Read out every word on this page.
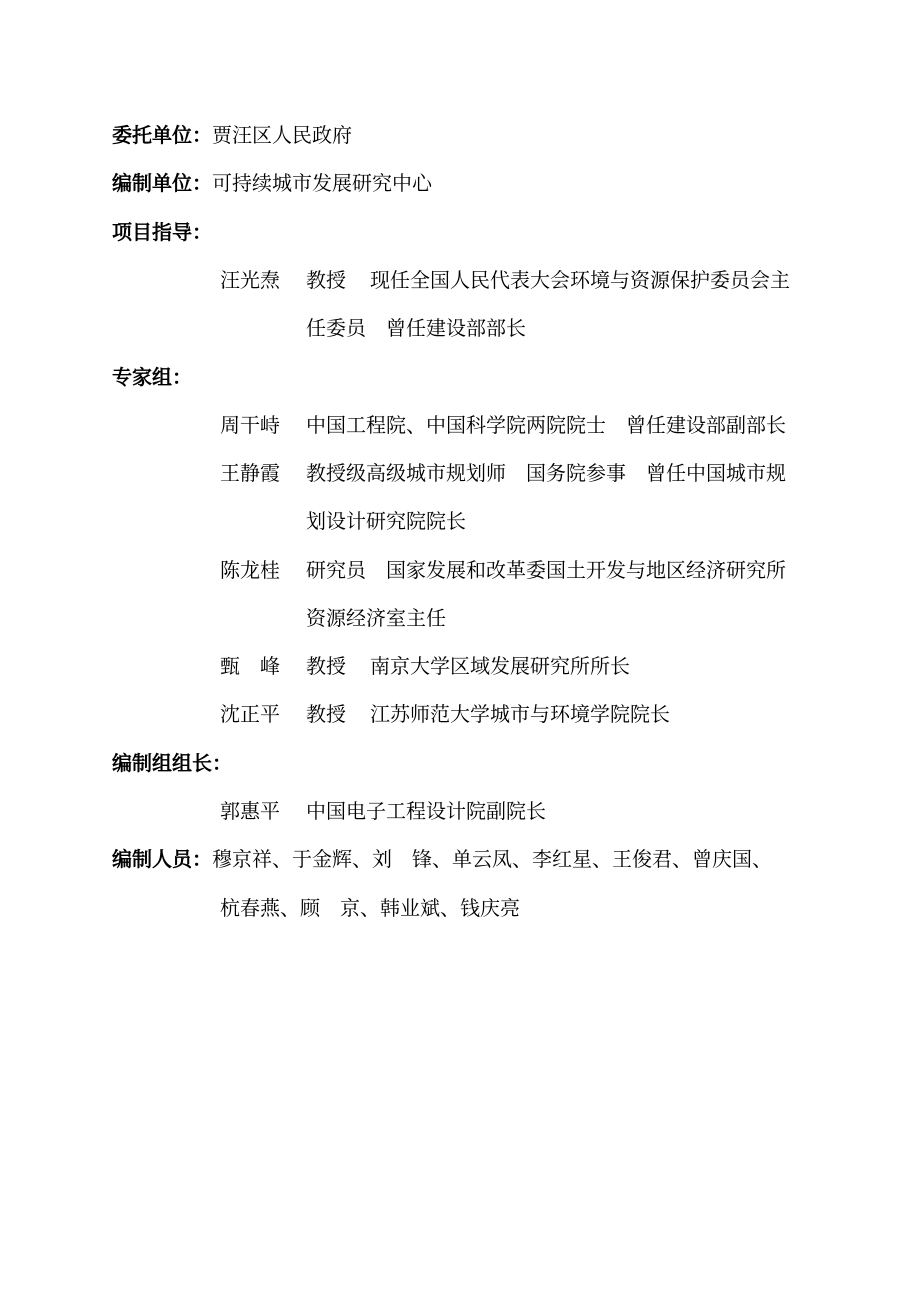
委托单位：贾汪区人民政府
编制单位：可持续城市发展研究中心
项目指导：
汪光焘 教授 现任全国人民代表大会环境与资源保护委员会主
任委员　曾任建设部部长
专家组：
周干峙 中国工程院、中国科学院两院院士　曾任建设部副部长
王静霞 教授级高级城市规划师　国务院参事　曾任中国城市规
划设计研究院院长
陈龙桂 研究员　国家发展和改革委国土开发与地区经济研究所
资源经济室主任
甄　峰 教授 南京大学区域发展研究所所长
沈正平 教授 江苏师范大学城市与环境学院院长
编制组组长：
郭惠平 中国电子工程设计院副院长
编制人员：穆京祥、于金辉、刘　锋、单云凤、李红星、王俊君、曾庆国、
杭春燕、顾　京、韩业斌、钱庆亮
